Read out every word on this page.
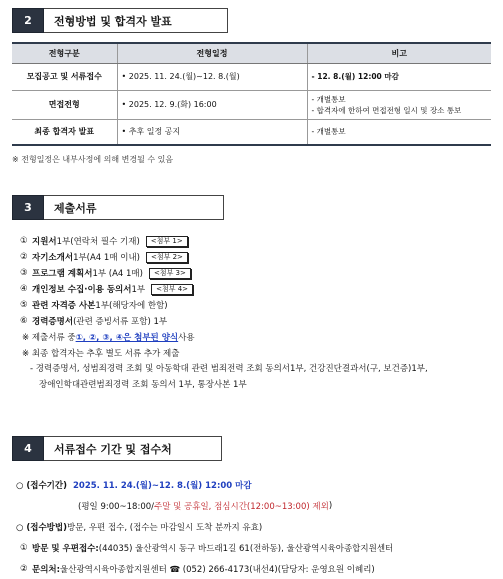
2	전형방법 및 합격자 발표
전형구분	전형일정	비고
모집공고 및 서류접수	• 2025. 11. 24.(월)~12. 8.(월)	- 12. 8.(월) 12:00 마감

면접전형	• 2025. 12. 9.(화) 16:00	- 개별통보
- 합격자에 한하여 면접전형 일시 및 장소 통보

최종 합격자 발표	• 추후 일정 공지	- 개별통보
※ 전형일정은 내부사정에 의해 변경될 수 있음
3	제출서류
① 지원서 1부(연락처 필수 기재)	<첨부 1>
② 자기소개서 1부(A4 1매 이내)	<첨부 2>
③ 프로그램 계획서 1부 (A4 1매)	<첨부 3>
④ 개인정보 수집·이용 동의서 1부	<첨부 4>
⑤ 관련 자격증 사본 1부(해당자에 한함)
⑥ 경력증명서 (관련 증빙서류 포함) 1부
※ 제출서류 중 ①, ②, ③, ④은 첨부된 양식 사용
※ 최종 합격자는 추후 별도 서류 추가 제출
- 경력증명서, 성범죄경력 조회 및 아동학대 관련 범죄전력 조회 동의서1부, 건강진단결과서(구, 보건증)1부,
장애인학대관련범죄경력 조회 동의서 1부, 통장사본 1부
4	서류접수 기간 및 접수처
○ (접수기간) 2025. 11. 24.(월)~12. 8.(월) 12:00 마감
(평일 9:00~18:00/ 주말 및 공휴일, 점심시간(12:00~13:00) 제외 )
○ (접수방법) 방문, 우편 접수, (접수는 마감일시 도착 분까지 유효)
① 방문 및 우편접수: (44035) 울산광역시 동구 바드래1길 61(전하동), 울산광역시육아종합지원센터
② 문의처: 울산광역시육아종합지원센터 ☎ (052) 266-4173(내선4)(담당자: 운영요원 이혜리)
